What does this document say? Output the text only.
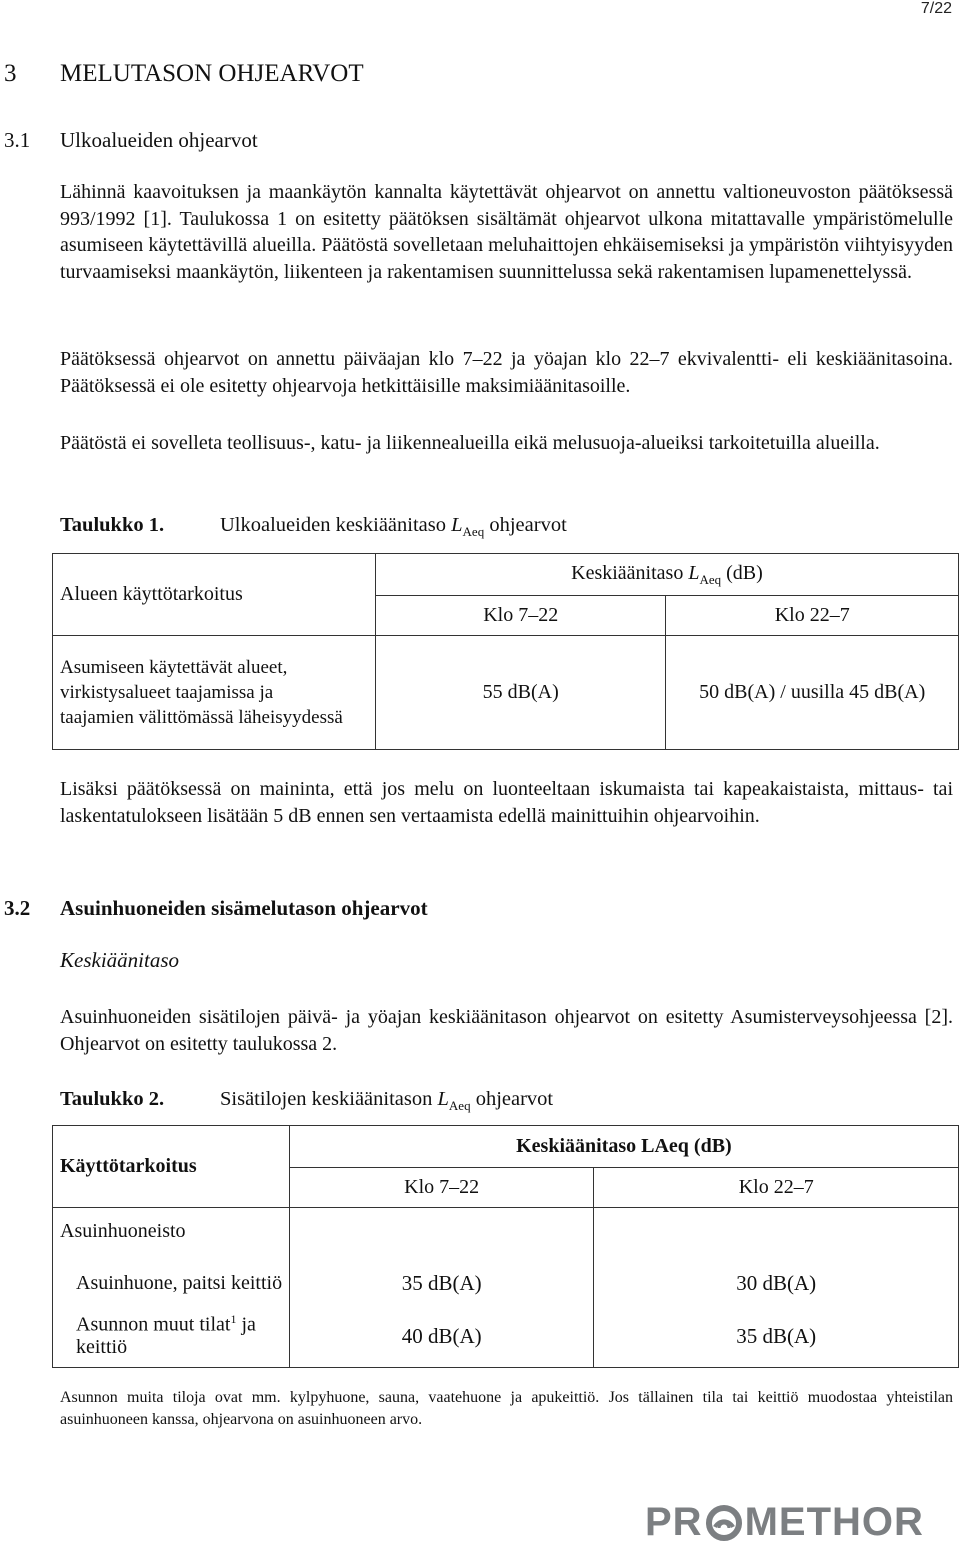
7/22
3 MELUTASON OHJEARVOT
3.1 Ulkoalueiden ohjearvot
Lähinnä kaavoituksen ja maankäytön kannalta käytettävät ohjearvot on annettu valtioneuvoston päätöksessä 993/1992 [1]. Taulukossa 1 on esitetty päätöksen sisältämät ohjearvot ulkona mitattavalle ympäristömelulle asumiseen käytettävillä alueilla. Päätöstä sovelletaan meluhaittojen ehkäisemiseksi ja ympäristön viihtyisyyden turvaamiseksi maankäytön, liikenteen ja rakentamisen suunnittelussa sekä rakentamisen lupamenettelyssä.
Päätöksessä ohjearvot on annettu päiväajan klo 7–22 ja yöajan klo 22–7 ekvivalentti- eli keskiäänitasoina. Päätöksessä ei ole esitetty ohjearvoja hetkittäisille maksimiäänitasoille.
Päätöstä ei sovelleta teollisuus-, katu- ja liikennealueilla eikä melusuoja-alueiksi tarkoitetuilla alueilla.
Taulukko 1.	Ulkoalueiden keskiäänitaso $L_{Aeq}$ ohjearvot
Alueen käyttötarkoitus	Keskiäänitaso $L_{Aeq}$ (dB)	
	Klo 7–22	Klo 22–7

Asumiseen käytettävät alueet, virkistysalueet taajamissa ja taajamien välittömässä läheisyydessä	55 dB(A)	50 dB(A) / uusilla 45 dB(A)
Lisäksi päätöksessä on maininta, että jos melu on luonteeltaan iskumaista tai kapeakaistaista, mittaus- tai laskentatulokseen lisätään 5 dB ennen sen vertaamista edellä mainittuihin ohjearvoihin.
3.2 Asuinhuoneiden sisämelutason ohjearvot
Keskiäänitaso
Asuinhuoneiden sisätilojen päivä- ja yöajan keskiäänitason ohjearvot on esitetty Asumisterveysohjeessa [2]. Ohjearvot on esitetty taulukossa 2.
Taulukko 2.	Sisätilojen keskiäänitason $L_{Aeq}$ ohjearvot
Käyttötarkoitus	Keskiäänitaso LAeq (dB)	
	Klo 7–22	Klo 22–7
Asuinhuoneisto		
Asuinhuone, paitsi keittiö	35 dB(A)	30 dB(A)
Asunnon muut tilat$^1$ ja keittiö	40 dB(A)	35 dB(A)
Asunnon muita tiloja ovat mm. kylpyhuone, sauna, vaatehuone ja apukeittiö. Jos tällainen tila tai keittiö muodostaa yhteistilan asuinhuoneen kanssa, ohjearvona on asuinhuoneen arvo.
PR METHOR
